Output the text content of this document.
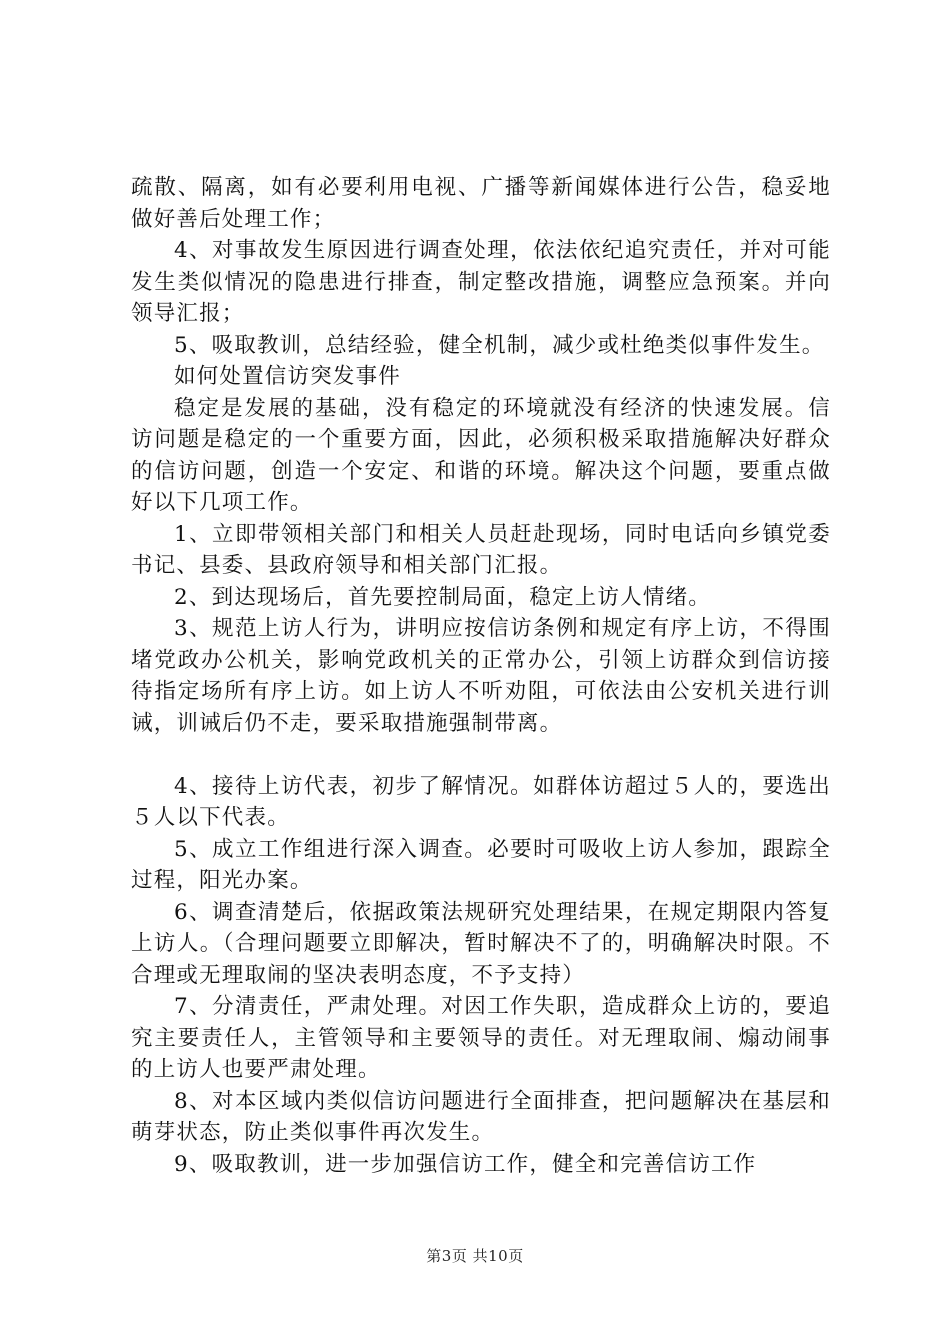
疏散、隔离，如有必要利用电视、广播等新闻媒体进行公告，稳妥地做好善后处理工作；

4、对事故发生原因进行调查处理，依法依纪追究责任，并对可能发生类似情况的隐患进行排查，制定整改措施，调整应急预案。并向领导汇报；

5、吸取教训，总结经验，健全机制，减少或杜绝类似事件发生。

如何处置信访突发事件

稳定是发展的基础，没有稳定的环境就没有经济的快速发展。信访问题是稳定的一个重要方面，因此，必须积极采取措施解决好群众的信访问题，创造一个安定、和谐的环境。解决这个问题，要重点做好以下几项工作。

1、立即带领相关部门和相关人员赶赴现场，同时电话向乡镇党委书记、县委、县政府领导和相关部门汇报。

2、到达现场后，首先要控制局面，稳定上访人情绪。

3、规范上访人行为，讲明应按信访条例和规定有序上访，不得围堵党政办公机关，影响党政机关的正常办公，引领上访群众到信访接待指定场所有序上访。如上访人不听劝阻，可依法由公安机关进行训诫，训诫后仍不走，要采取措施强制带离。

4、接待上访代表，初步了解情况。如群体访超过５人的，要选出５人以下代表。

5、成立工作组进行深入调查。必要时可吸收上访人参加，跟踪全过程，阳光办案。

6、调查清楚后，依据政策法规研究处理结果，在规定期限内答复上访人。（合理问题要立即解决，暂时解决不了的，明确解决时限。不合理或无理取闹的坚决表明态度，不予支持）

7、分清责任，严肃处理。对因工作失职，造成群众上访的，要追究主要责任人，主管领导和主要领导的责任。对无理取闹、煽动闹事的上访人也要严肃处理。

8、对本区域内类似信访问题进行全面排查，把问题解决在基层和萌芽状态，防止类似事件再次发生。

9、吸取教训，进一步加强信访工作，健全和完善信访工作

第3页 共10页
